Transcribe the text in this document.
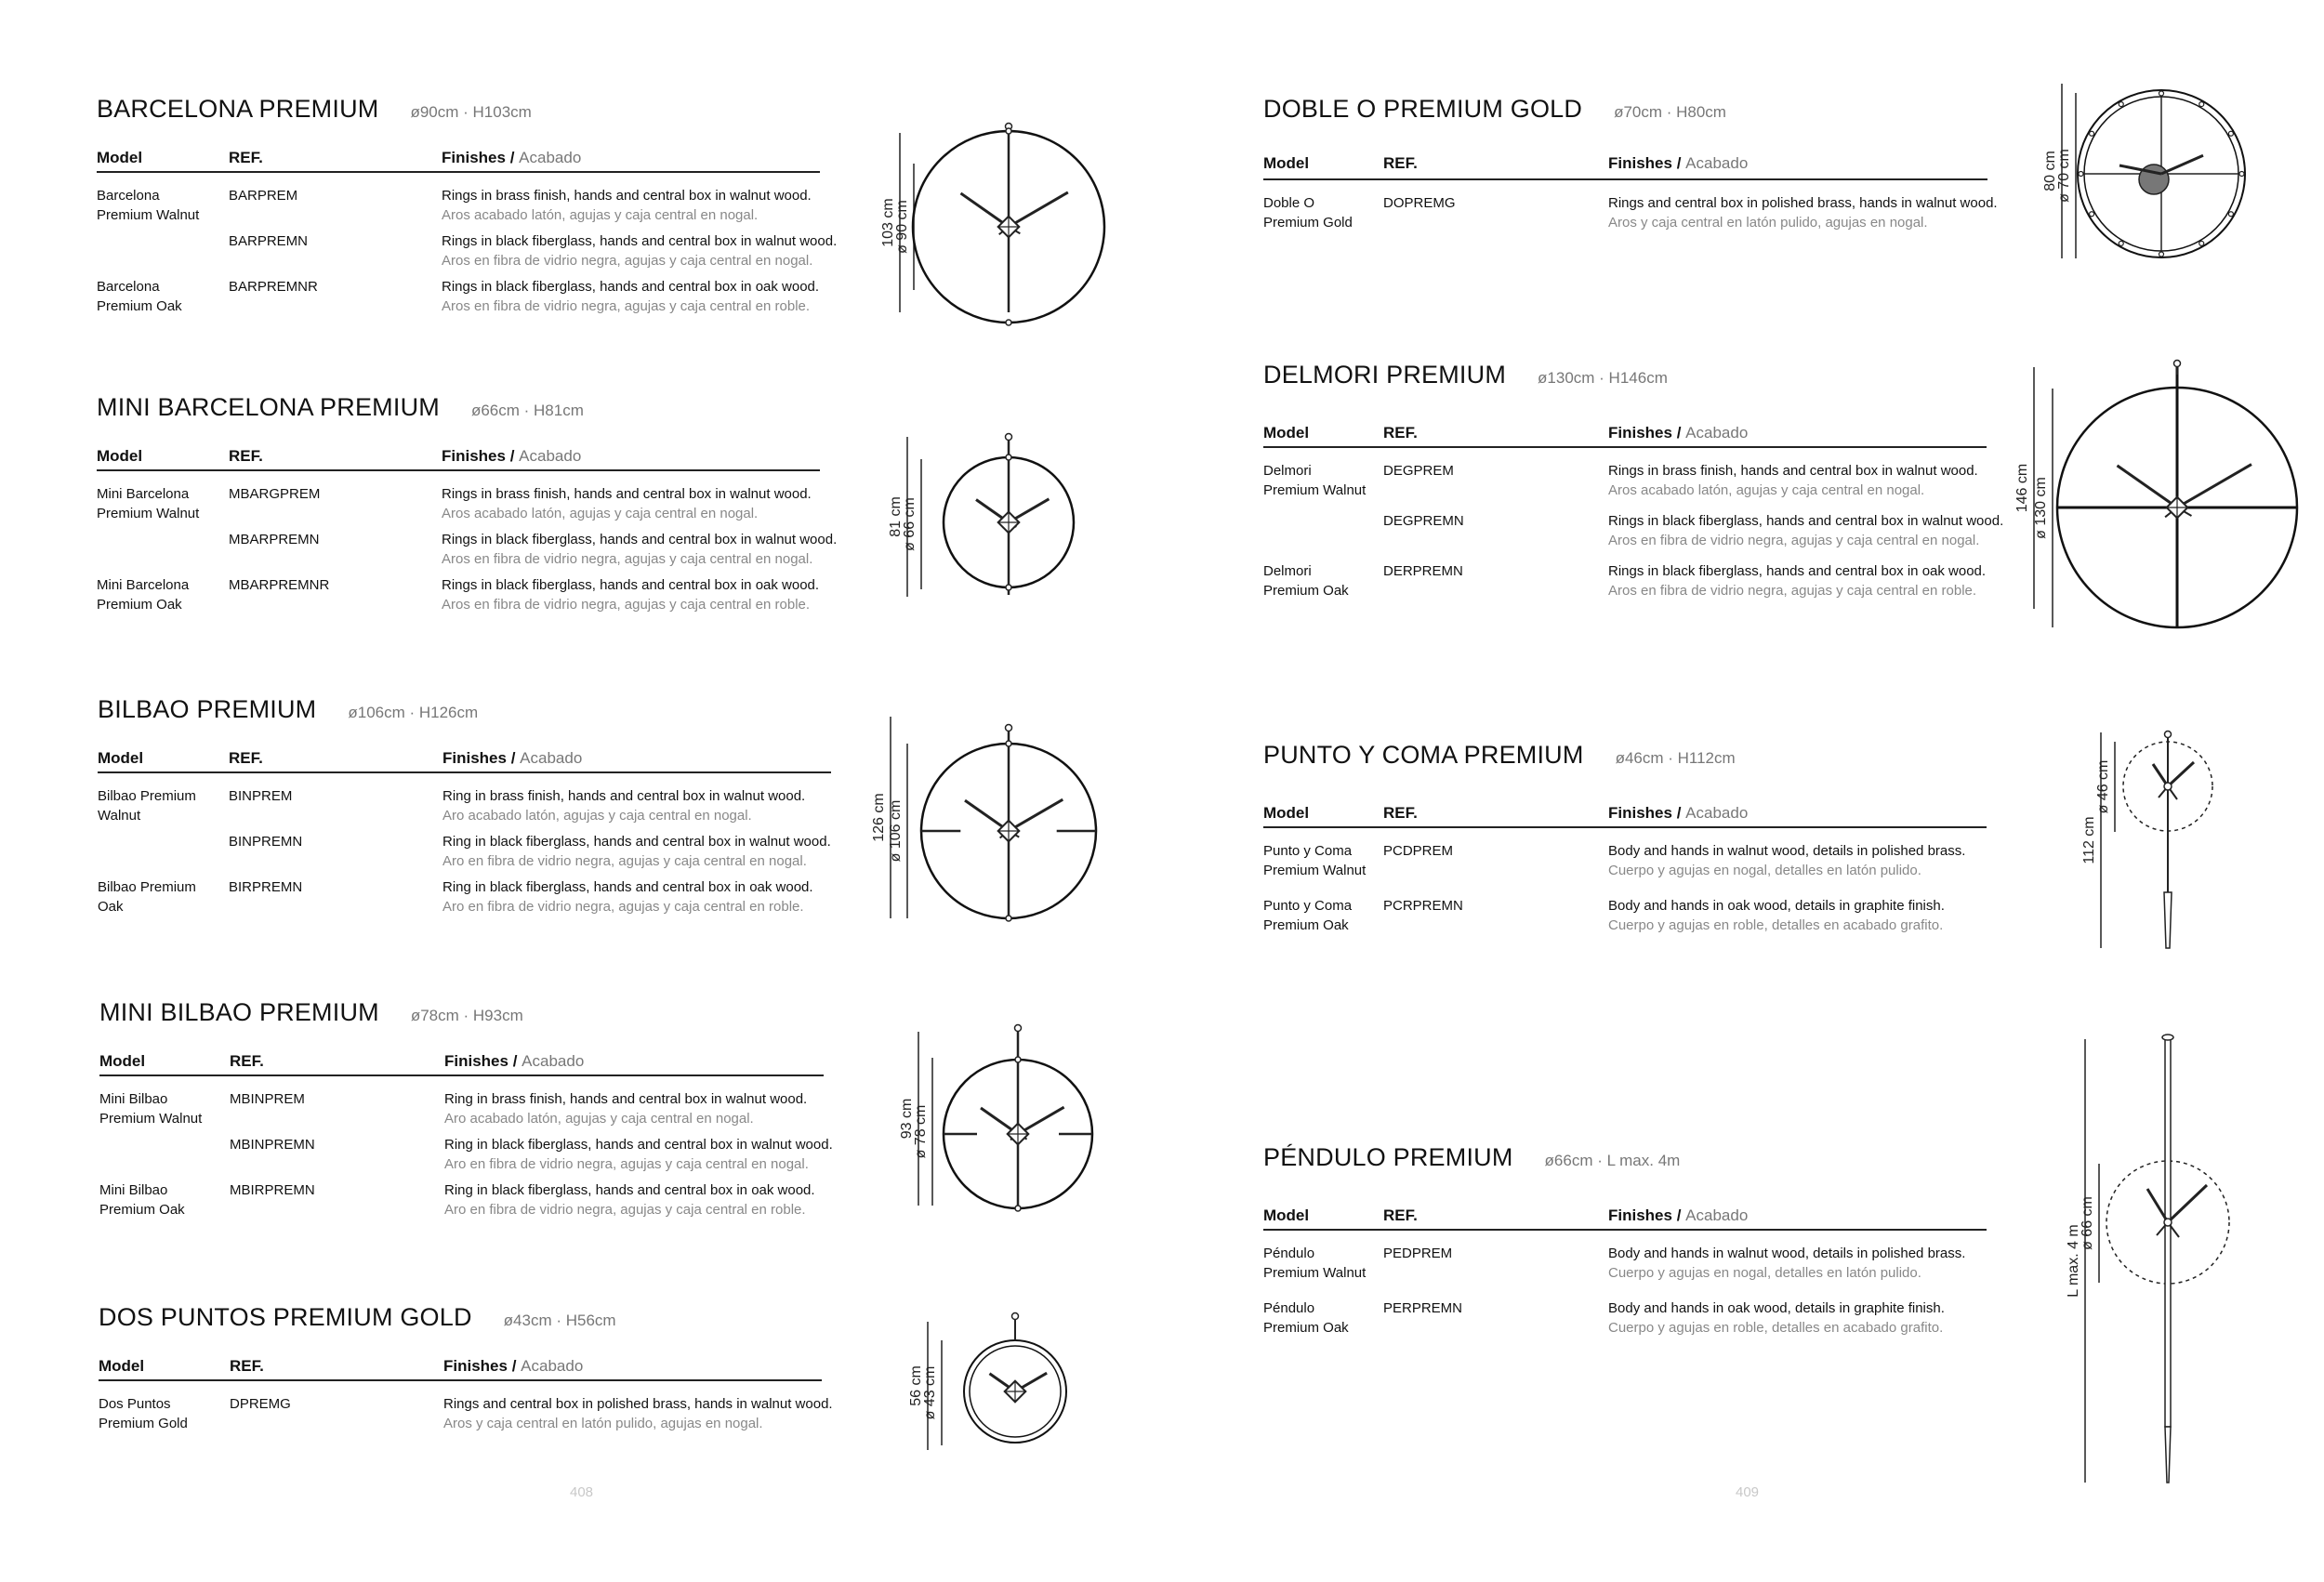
BARCELONA PREMIUM ø90cm · H103cm
Model	REF.	Finishes / Acabado
Barcelona
Premium Walnut
BARPREM	Rings in brass finish, hands and central box in walnut wood.
Aros acabado latón, agujas y caja central en nogal.
BARPREMN	Rings in black fiberglass, hands and central box in walnut wood.
Aros en fibra de vidrio negra, agujas y caja central en nogal.
Barcelona
Premium Oak
BARPREMNR	Rings in black fiberglass, hands and central box in oak wood.
Aros en fibra de vidrio negra, agujas y caja central en roble.
103 cm
ø 90 cm
MINI BARCELONA PREMIUM ø66cm · H81cm
Model	REF.	Finishes / Acabado
Mini Barcelona
Premium Walnut
MBARGPREM	Rings in brass finish, hands and central box in walnut wood.
Aros acabado latón, agujas y caja central en nogal.
MBARPREMN	Rings in black fiberglass, hands and central box in walnut wood.
Aros en fibra de vidrio negra, agujas y caja central en nogal.
Mini Barcelona
Premium Oak
MBARPREMNR	Rings in black fiberglass, hands and central box in oak wood.
Aros en fibra de vidrio negra, agujas y caja central en roble.
81 cm
ø 66 cm
BILBAO PREMIUM ø106cm · H126cm
Model	REF.	Finishes / Acabado
Bilbao Premium
Walnut
BINPREM	Ring in brass finish, hands and central box in walnut wood.
Aro acabado latón, agujas y caja central en nogal.
BINPREMN	Ring in black fiberglass, hands and central box in walnut wood.
Aro en fibra de vidrio negra, agujas y caja central en nogal.
Bilbao Premium
Oak
BIRPREMN	Ring in black fiberglass, hands and central box in oak wood.
Aro en fibra de vidrio negra, agujas y caja central en roble.
126 cm ø 106 cm
MINI BILBAO PREMIUM ø78cm · H93cm
Model	REF.	Finishes / Acabado
Mini Bilbao
Premium Walnut
MBINPREM	Ring in brass finish, hands and central box in walnut wood.
Aro acabado latón, agujas y caja central en nogal.
MBINPREMN	Ring in black fiberglass, hands and central box in walnut wood.
Aro en fibra de vidrio negra, agujas y caja central en nogal.
Mini Bilbao
Premium Oak
MBIRPREMN	Ring in black fiberglass, hands and central box in oak wood.
Aro en fibra de vidrio negra, agujas y caja central en roble.
93 cm
ø 78 cm
DOS PUNTOS PREMIUM GOLD ø43cm · H56cm
Model	REF.	Finishes / Acabado
Dos Puntos
Premium Gold
DPREMG	Rings and central box in polished brass, hands in walnut wood.
Aros y caja central en latón pulido, agujas en nogal.
56 cm
ø 43 cm
DOBLE O PREMIUM GOLD ø70cm · H80cm
Model	REF.	Finishes / Acabado
Doble O
Premium Gold
DOPREMG	Rings and central box in polished brass, hands in walnut wood.
Aros y caja central en latón pulido, agujas en nogal.
80 cm
ø 70 cm
DELMORI PREMIUM ø130cm · H146cm
Model	REF.	Finishes / Acabado
Delmori
Premium Walnut
DEGPREM	Rings in brass finish, hands and central box in walnut wood.
Aros acabado latón, agujas y caja central en nogal.
DEGPREMN	Rings in black fiberglass, hands and central box in walnut wood.
Aros en fibra de vidrio negra, agujas y caja central en nogal.
Delmori
Premium Oak
DERPREMN	Rings in black fiberglass, hands and central box in oak wood.
Aros en fibra de vidrio negra, agujas y caja central en roble.
146 cm ø 130 cm
PUNTO Y COMA PREMIUM ø46cm · H112cm
Model	REF.	Finishes / Acabado
Punto y Coma
Premium Walnut
PCDPREM	Body and hands in walnut wood, details in polished brass.
Cuerpo y agujas en nogal, detalles en latón pulido.
Punto y Coma
Premium Oak
PCRPREMN	Body and hands in oak wood, details in graphite finish.
Cuerpo y agujas en roble, detalles en acabado grafito.
112 cm
ø 46 cm
PÉNDULO PREMIUM ø66cm · L max. 4m
Model	REF.	Finishes / Acabado
Péndulo
Premium Walnut
PEDPREM	Body and hands in walnut wood, details in polished brass.
Cuerpo y agujas en nogal, detalles en latón pulido.
Péndulo
Premium Oak
PERPREMN	Body and hands in oak wood, details in graphite finish.
Cuerpo y agujas en roble, detalles en acabado grafito.
L max. 4 m
ø 66 cm
408	409
